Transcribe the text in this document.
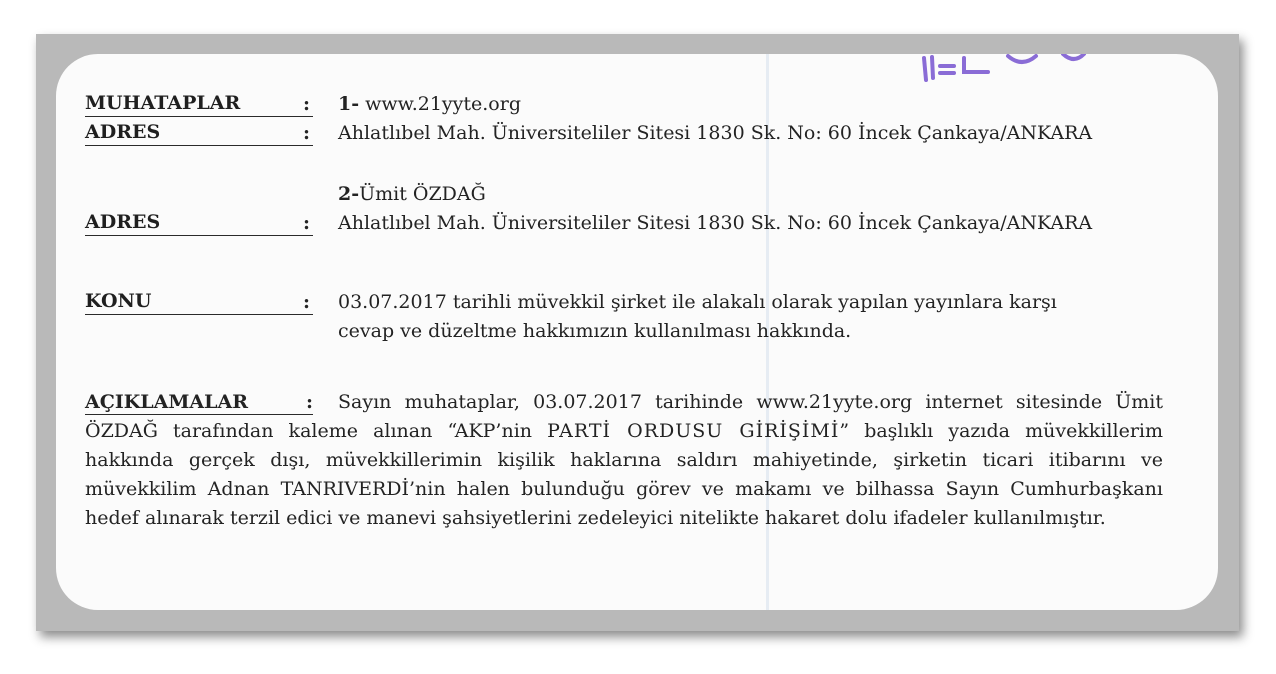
MUHATAPLAR	: 1- www.21yyte.org
ADRES	: Ahlatlıbel Mah. Üniversiteliler Sitesi 1830 Sk. No: 60 İncek Çankaya/ANKARA
2-Ümit ÖZDAĞ
ADRES	: Ahlatlıbel Mah. Üniversiteliler Sitesi 1830 Sk. No: 60 İncek Çankaya/ANKARA
KONU	: 03.07.2017 tarihli müvekkil şirket ile alakalı olarak yapılan yayınlara karşı
cevap ve düzeltme hakkımızın kullanılması hakkında.

AÇIKLAMALAR	: Sayın muhataplar, 03.07.2017 tarihinde www.21yyte.org internet sitesinde Ümit ÖZDAĞ tarafından kaleme alınan “AKP’nin PARTİ ORDUSU GİRİŞİMİ” başlıklı yazıda müvekkillerim hakkında gerçek dışı, müvekkillerimin kişilik haklarına saldırı mahiyetinde, şirketin ticari itibarını ve müvekkilim Adnan TANRIVERDİ’nin halen bulunduğu görev ve makamı ve bilhassa Sayın Cumhurbaşkanı hedef alınarak terzil edici ve manevi şahsiyetlerini zedeleyici nitelikte hakaret dolu ifadeler kullanılmıştır.
